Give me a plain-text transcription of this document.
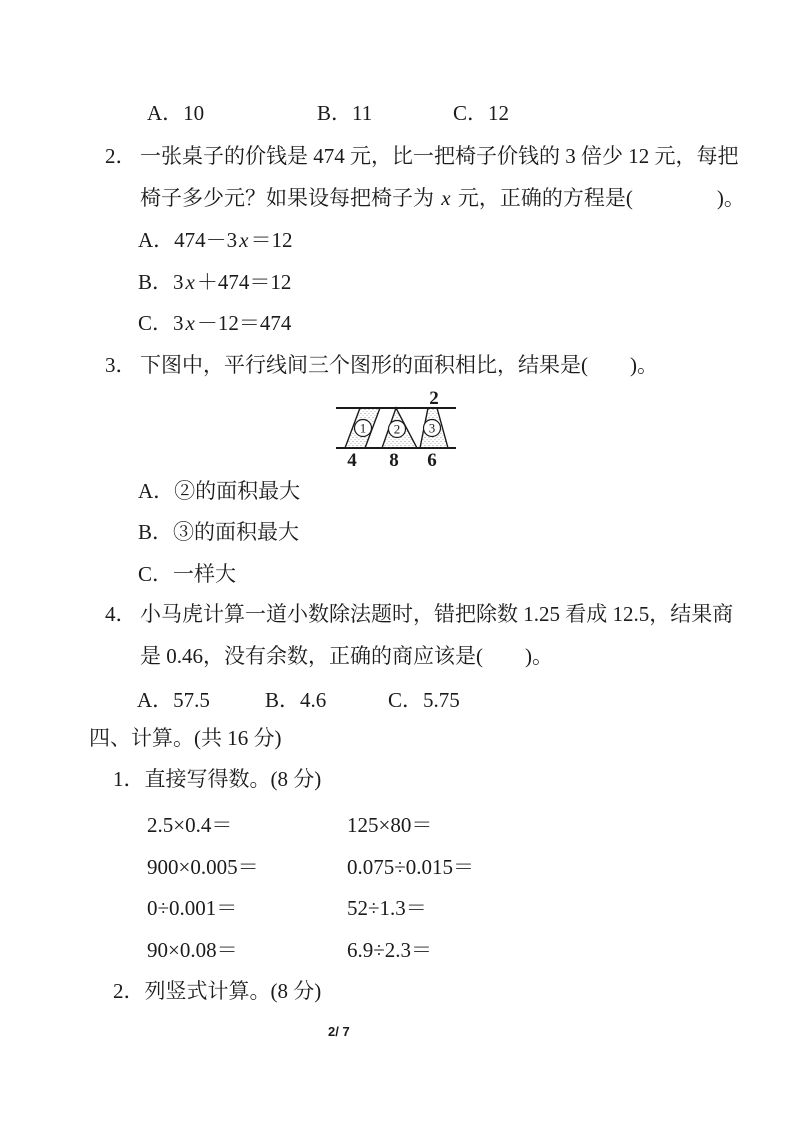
A．10	B．11	C．12
2． 一张桌子的价钱是 474 元，比一把椅子价钱的 3 倍少 12 元，每把
椅子多少元？如果设每把椅子为 x 元，正确的方程是(　　　　)。
A．474－3x＝12
B．3x＋474＝12
C．3x－12＝474
3． 下图中，平行线间三个图形的面积相比，结果是(　　)。
1 2 3
2
4 8 6
A．②的面积最大
B．③的面积最大
C．一样大
4． 小马虎计算一道小数除法题时，错把除数 1.25 看成 12.5，结果商
是 0.46，没有余数，正确的商应该是(　　)。
A．57.5	B．4.6	C．5.75
四、计算。(共 16 分)
1．直接写得数。(8 分)
2.5×0.4＝	125×80＝
900×0.005＝	0.075÷0.015＝
0÷0.001＝	52÷1.3＝
90×0.08＝	6.9÷2.3＝
2．列竖式计算。(8 分)
2/ 7
